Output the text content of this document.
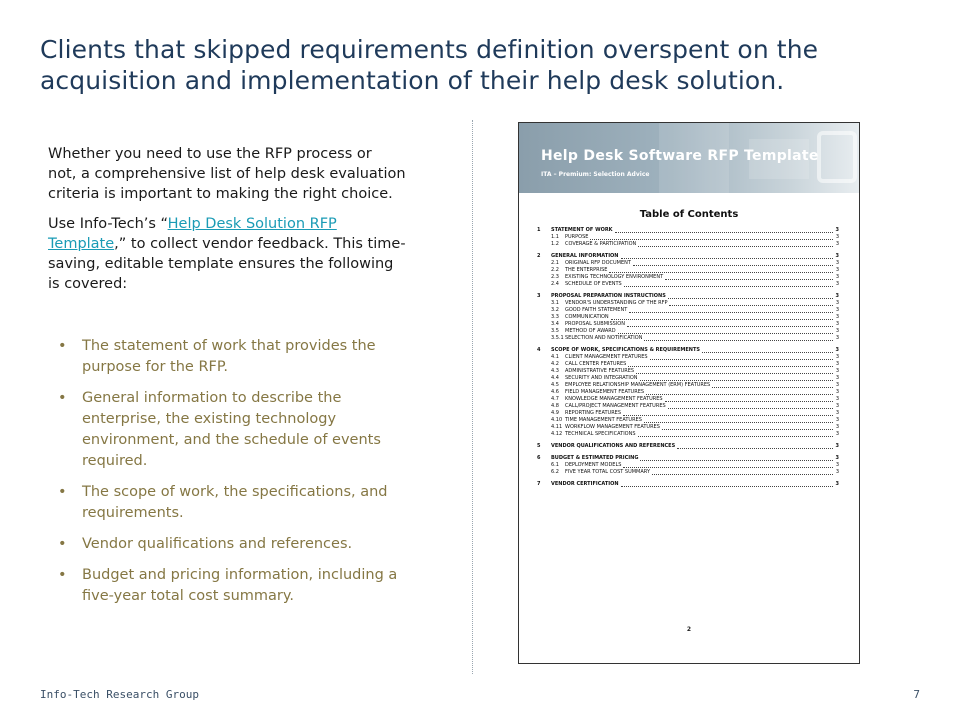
Clients that skipped requirements definition overspent on the
acquisition and implementation of their help desk solution.

Whether you need to use the RFP process or
not, a comprehensive list of help desk evaluation
criteria is important to making the right choice.

Use Info-Tech’s “Help Desk Solution RFP
Template,” to collect vendor feedback. This time-
saving, editable template ensures the following
is covered:

• The statement of work that provides the
purpose for the RFP.
• General information to describe the
enterprise, the existing technology
environment, and the schedule of events
required.
• The scope of work, the specifications, and
requirements.
• Vendor qualifications and references.
• Budget and pricing information, including a
five-year total cost summary.
Help Desk Software RFP Template
ITA – Premium: Selection Advice
Table of Contents
1	STATEMENT OF WORK	3
1.1	PURPOSE	3
1.2	COVERAGE & PARTICIPATION	3
2	GENERAL INFORMATION	3
2.1	ORIGINAL RFP DOCUMENT	3
2.2	THE ENTERPRISE	3
2.3	EXISTING TECHNOLOGY ENVIRONMENT	3
2.4	SCHEDULE OF EVENTS	3
3	PROPOSAL PREPARATION INSTRUCTIONS	3
3.1	VENDOR'S UNDERSTANDING OF THE RFP	3
3.2	GOOD FAITH STATEMENT	3
3.3	COMMUNICATION	3
3.4	PROPOSAL SUBMISSION	3
3.5	METHOD OF AWARD	3
3.5.1 SELECTION AND NOTIFICATION	3
4	SCOPE OF WORK, SPECIFICATIONS & REQUIREMENTS	3
4.1	CLIENT MANAGEMENT FEATURES	3
4.2	CALL CENTER FEATURES	3
4.3	ADMINISTRATIVE FEATURES	3
4.4	SECURITY AND INTEGRATION	3
4.5	EMPLOYEE RELATIONSHIP MANAGEMENT (ERM) FEATURES	3
4.6	FIELD MANAGEMENT FEATURES	3
4.7	KNOWLEDGE MANAGEMENT FEATURES	3
4.8	CALL/PROJECT MANAGEMENT FEATURES	3
4.9	REPORTING FEATURES	3
4.10 TIME MANAGEMENT FEATURES	3
4.11 WORKFLOW MANAGEMENT FEATURES	3
4.12 TECHNICAL SPECIFICATIONS	3
5	VENDOR QUALIFICATIONS AND REFERENCES	3
6	BUDGET & ESTIMATED PRICING	3
6.1	DEPLOYMENT MODELS	3
6.2	FIVE YEAR TOTAL COST SUMMARY	3
7	VENDOR CERTIFICATION	3
2
Info-Tech Research Group	7
